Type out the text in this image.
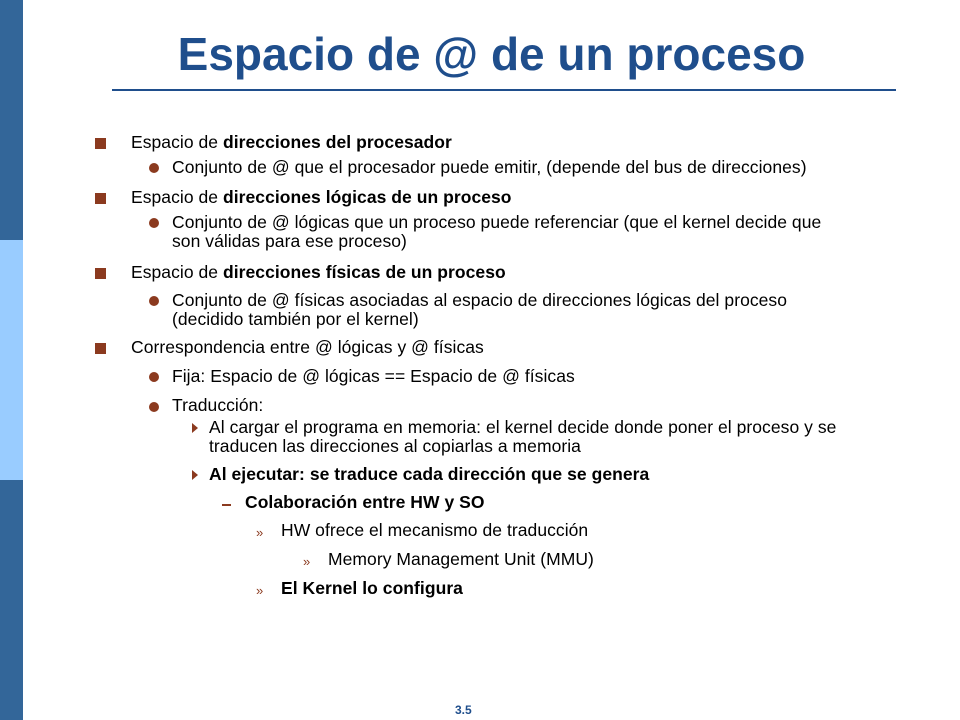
Espacio de @ de un proceso
Espacio de direcciones del procesador
Conjunto de @ que el procesador puede emitir, (depende del bus de direcciones)
Espacio de direcciones lógicas de un proceso
Conjunto de @ lógicas que un proceso puede referenciar (que el kernel decide que
son válidas para ese proceso)
Espacio de direcciones físicas de un proceso
Conjunto de @ físicas asociadas al espacio de direcciones lógicas del proceso
(decidido también por el kernel)
Correspondencia entre @ lógicas y @ físicas
Fija: Espacio de @ lógicas == Espacio de @ físicas
Traducción:
Al cargar el programa en memoria: el kernel decide donde poner el proceso y se
traducen las direcciones al copiarlas a memoria
Al ejecutar: se traduce cada dirección que se genera
Colaboración entre HW y SO
» HW ofrece el mecanismo de traducción
» Memory Management Unit (MMU)
» El Kernel lo configura
3.5
